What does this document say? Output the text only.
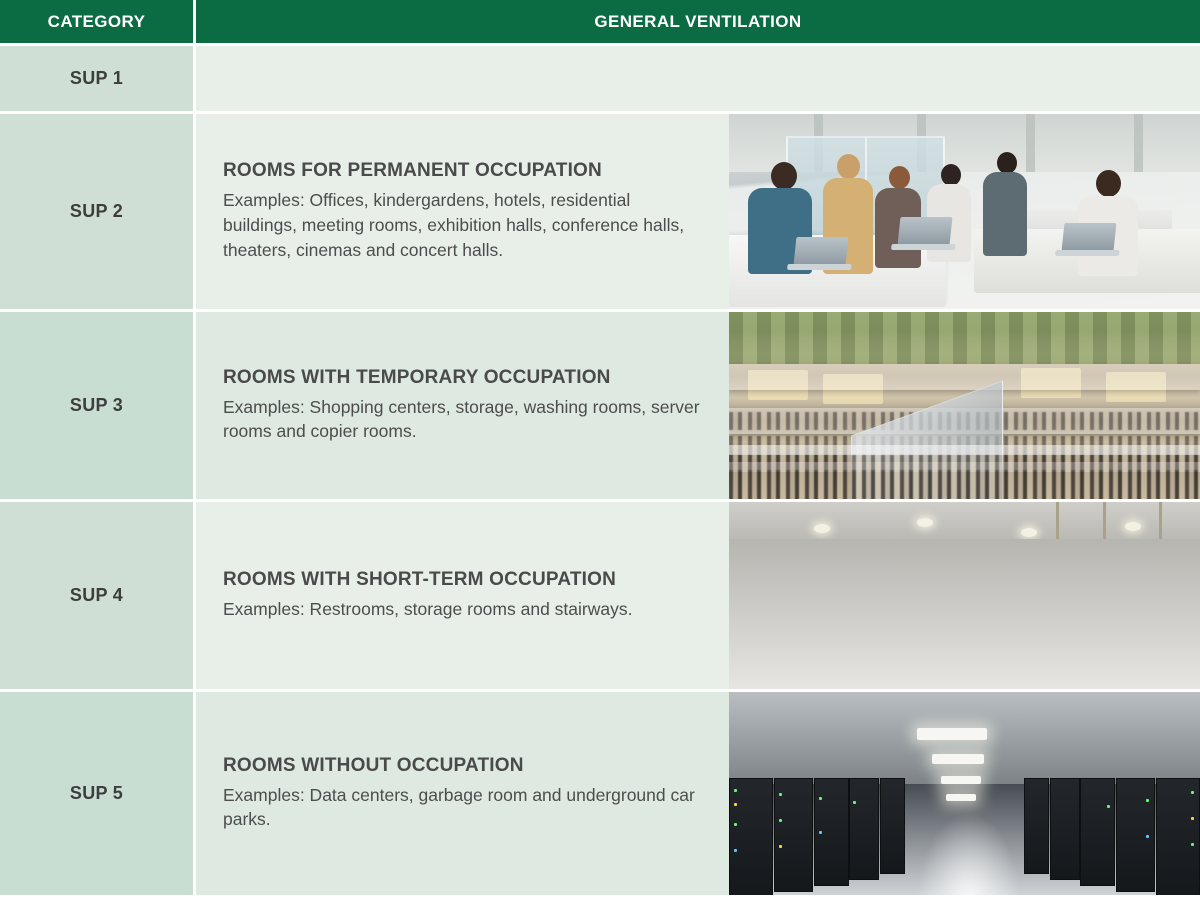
CATEGORY	GENERAL VENTILATION
SUP 1
SUP 2
ROOMS FOR PERMANENT OCCUPATION
Examples: Offices, kindergardens, hotels, residential buildings, meeting rooms, exhibition halls, conference halls, theaters, cinemas and concert halls.
SUP 3
ROOMS WITH TEMPORARY OCCUPATION
Examples: Shopping centers, storage, washing rooms, server rooms and copier rooms.
SUP 4
ROOMS WITH SHORT-TERM OCCUPATION
Examples: Restrooms, storage rooms and stairways.
SUP 5
ROOMS WITHOUT OCCUPATION
Examples: Data centers, garbage room and underground car parks.
